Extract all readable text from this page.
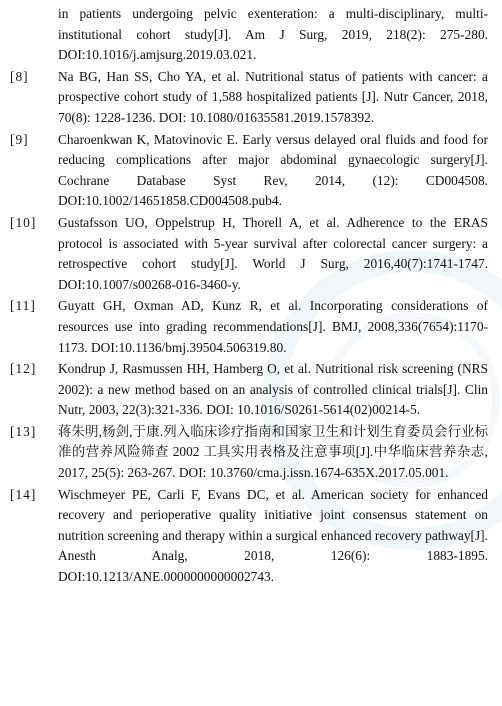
in patients undergoing pelvic exenteration: a multi-disciplinary, multi-institutional cohort study[J]. Am J Surg, 2019, 218(2): 275-280. DOI:10.1016/j.amjsurg.2019.03.021.
[8]	Na BG, Han SS, Cho YA, et al. Nutritional status of patients with cancer: a prospective cohort study of 1,588 hospitalized patients [J]. Nutr Cancer, 2018, 70(8): 1228-1236. DOI: 10.1080/01635581.2019.1578392.
[9]	Charoenkwan K, Matovinovic E. Early versus delayed oral fluids and food for reducing complications after major abdominal gynaecologic surgery[J]. Cochrane Database Syst Rev, 2014, (12): CD004508. DOI:10.1002/14651858.CD004508.pub4.
[10]	Gustafsson UO, Oppelstrup H, Thorell A, et al. Adherence to the ERAS protocol is associated with 5-year survival after colorectal cancer surgery: a retrospective cohort study[J]. World J Surg, 2016,40(7):1741-1747. DOI:10.1007/s00268-016-3460-y.
[11]	Guyatt GH, Oxman AD, Kunz R, et al. Incorporating considerations of resources use into grading recommendations[J]. BMJ, 2008,336(7654):1170-1173. DOI:10.1136/bmj.39504.506319.80.
[12]	Kondrup J, Rasmussen HH, Hamberg O, et al. Nutritional risk screening (NRS 2002): a new method based on an analysis of controlled clinical trials[J]. Clin Nutr, 2003, 22(3):321-336. DOI: 10.1016/S0261-5614(02)00214-5.
[13]	蒋朱明,杨剑,于康.列入临床诊疗指南和国家卫生和计划生育委员会行业标准的营养风险筛查 2002 工具实用表格及注意事项[J].中华临床营养杂志, 2017, 25(5): 263-267. DOI: 10.3760/cma.j.issn.1674-635X.2017.05.001.
[14]	Wischmeyer PE, Carli F, Evans DC, et al. American society for enhanced recovery and perioperative quality initiative joint consensus statement on nutrition screening and therapy within a surgical enhanced recovery pathway[J]. Anesth Analg, 2018, 126(6): 1883-1895. DOI:10.1213/ANE.0000000000002743.
